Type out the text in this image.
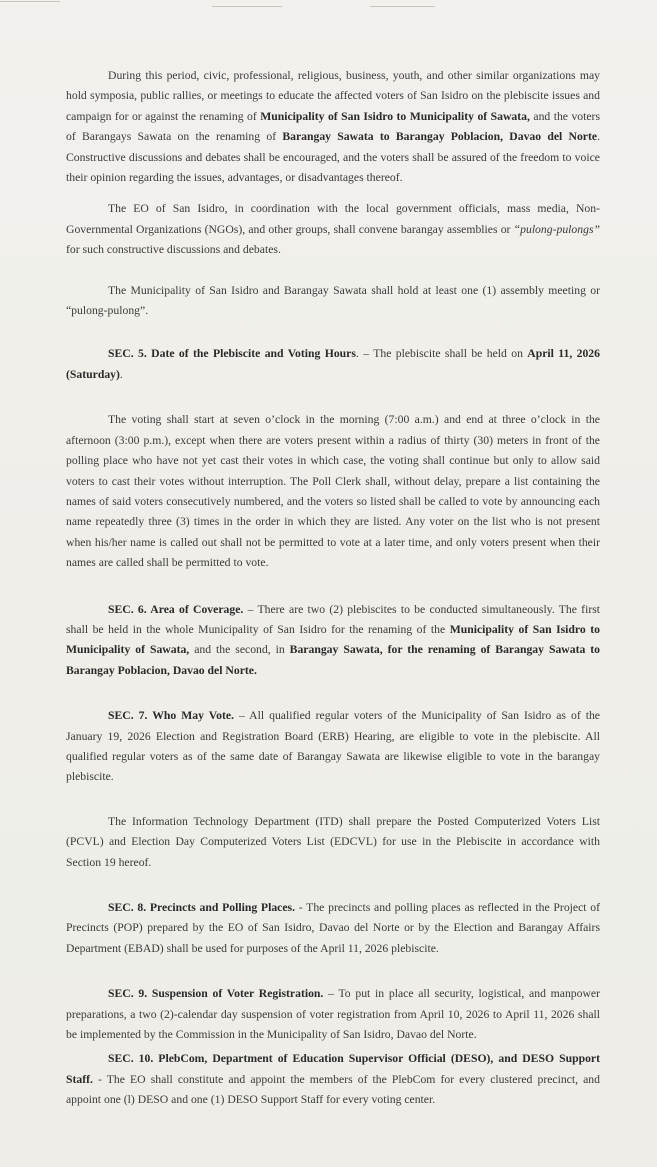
During this period, civic, professional, religious, business, youth, and other similar organizations may hold symposia, public rallies, or meetings to educate the affected voters of San Isidro on the plebiscite issues and campaign for or against the renaming of Municipality of San Isidro to Municipality of Sawata, and the voters of Barangays Sawata on the renaming of Barangay Sawata to Barangay Poblacion, Davao del Norte. Constructive discussions and debates shall be encouraged, and the voters shall be assured of the freedom to voice their opinion regarding the issues, advantages, or disadvantages thereof.

The EO of San Isidro, in coordination with the local government officials, mass media, Non-Governmental Organizations (NGOs), and other groups, shall convene barangay assemblies or “pulong-pulongs” for such constructive discussions and debates.

The Municipality of San Isidro and Barangay Sawata shall hold at least one (1) assembly meeting or “pulong-pulong”.

SEC. 5. Date of the Plebiscite and Voting Hours. – The plebiscite shall be held on April 11, 2026 (Saturday).

The voting shall start at seven o’clock in the morning (7:00 a.m.) and end at three o’clock in the afternoon (3:00 p.m.), except when there are voters present within a radius of thirty (30) meters in front of the polling place who have not yet cast their votes in which case, the voting shall continue but only to allow said voters to cast their votes without interruption. The Poll Clerk shall, without delay, prepare a list containing the names of said voters consecutively numbered, and the voters so listed shall be called to vote by announcing each name repeatedly three (3) times in the order in which they are listed. Any voter on the list who is not present when his/her name is called out shall not be permitted to vote at a later time, and only voters present when their names are called shall be permitted to vote.

SEC. 6. Area of Coverage. – There are two (2) plebiscites to be conducted simultaneously. The first shall be held in the whole Municipality of San Isidro for the renaming of the Municipality of San Isidro to Municipality of Sawata, and the second, in Barangay Sawata, for the renaming of Barangay Sawata to Barangay Poblacion, Davao del Norte.

SEC. 7. Who May Vote. – All qualified regular voters of the Municipality of San Isidro as of the January 19, 2026 Election and Registration Board (ERB) Hearing, are eligible to vote in the plebiscite. All qualified regular voters as of the same date of Barangay Sawata are likewise eligible to vote in the barangay plebiscite.

The Information Technology Department (ITD) shall prepare the Posted Computerized Voters List (PCVL) and Election Day Computerized Voters List (EDCVL) for use in the Plebiscite in accordance with Section 19 hereof.

SEC. 8. Precincts and Polling Places. - The precincts and polling places as reflected in the Project of Precincts (POP) prepared by the EO of San Isidro, Davao del Norte or by the Election and Barangay Affairs Department (EBAD) shall be used for purposes of the April 11, 2026 plebiscite.

SEC. 9. Suspension of Voter Registration. – To put in place all security, logistical, and manpower preparations, a two (2)-calendar day suspension of voter registration from April 10, 2026 to April 11, 2026 shall be implemented by the Commission in the Municipality of San Isidro, Davao del Norte.

SEC. 10. PlebCom, Department of Education Supervisor Official (DESO), and DESO Support Staff. - The EO shall constitute and appoint the members of the PlebCom for every clustered precinct, and appoint one (l) DESO and one (1) DESO Support Staff for every voting center.
